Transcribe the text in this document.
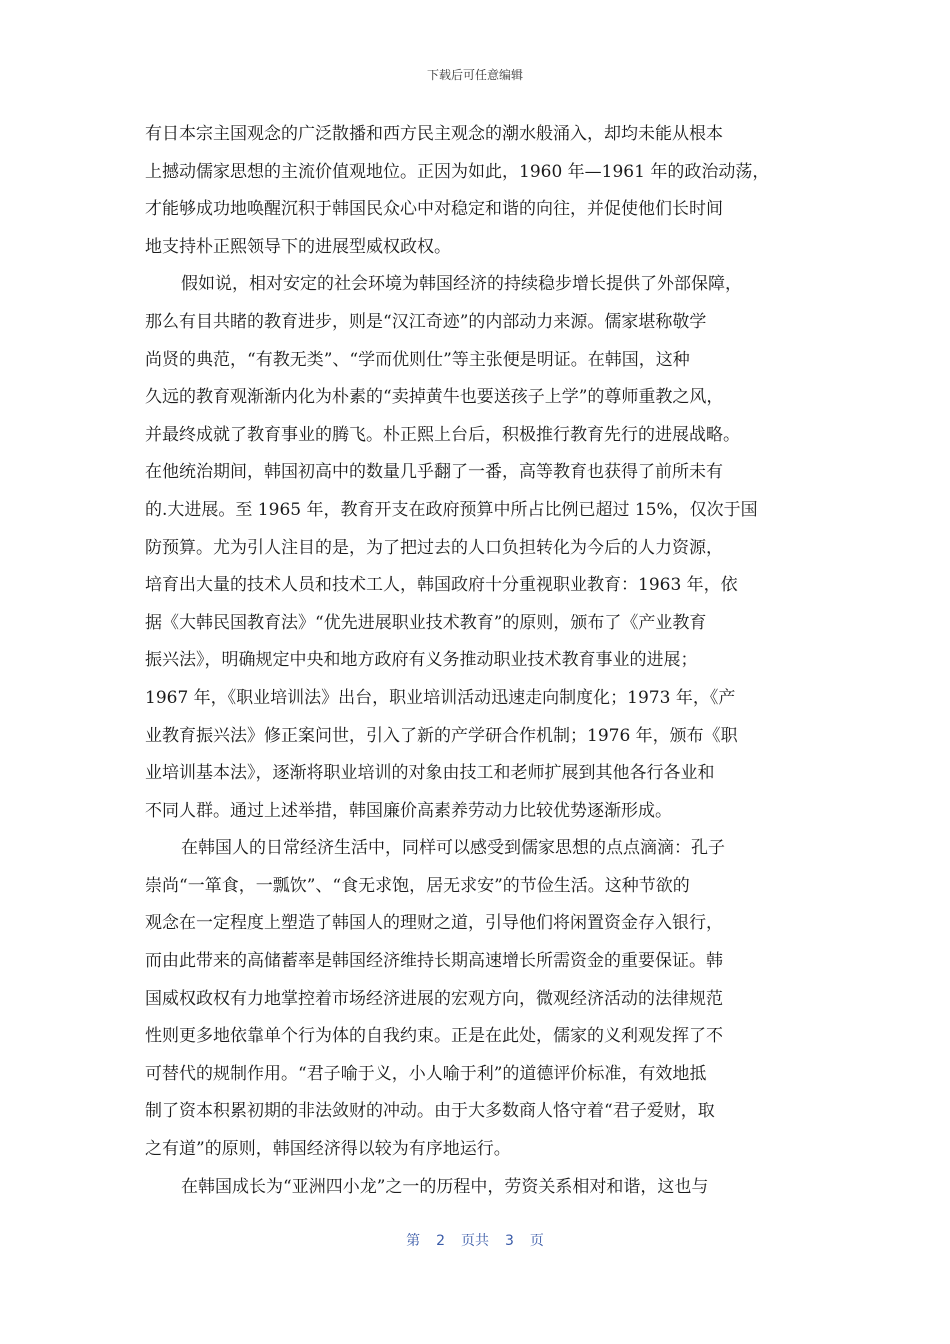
下载后可任意编辑
有日本宗主国观念的广泛散播和西方民主观念的潮水般涌入，却均未能从根本
上撼动儒家思想的主流价值观地位。正因为如此，1960 年—1961 年的政治动荡，
才能够成功地唤醒沉积于韩国民众心中对稳定和谐的向往，并促使他们长时间
地支持朴正熙领导下的进展型威权政权。
假如说，相对安定的社会环境为韩国经济的持续稳步增长提供了外部保障，
那么有目共睹的教育进步，则是“汉江奇迹”的内部动力来源。儒家堪称敬学
尚贤的典范，“有教无类”、“学而优则仕”等主张便是明证。在韩国，这种
久远的教育观渐渐内化为朴素的“卖掉黄牛也要送孩子上学”的尊师重教之风，
并最终成就了教育事业的腾飞。朴正熙上台后，积极推行教育先行的进展战略。
在他统治期间，韩国初高中的数量几乎翻了一番，高等教育也获得了前所未有
的.大进展。至 1965 年，教育开支在政府预算中所占比例已超过 15%，仅次于国
防预算。尤为引人注目的是，为了把过去的人口负担转化为今后的人力资源，
培育出大量的技术人员和技术工人，韩国政府十分重视职业教育：1963 年，依
据《大韩民国教育法》“优先进展职业技术教育”的原则，颁布了《产业教育
振兴法》，明确规定中央和地方政府有义务推动职业技术教育事业的进展；
1967 年，《职业培训法》出台，职业培训活动迅速走向制度化；1973 年，《产
业教育振兴法》修正案问世，引入了新的产学研合作机制；1976 年，颁布《职
业培训基本法》，逐渐将职业培训的对象由技工和老师扩展到其他各行各业和
不同人群。通过上述举措，韩国廉价高素养劳动力比较优势逐渐形成。
在韩国人的日常经济生活中，同样可以感受到儒家思想的点点滴滴：孔子
崇尚“一箪食，一瓢饮”、“食无求饱，居无求安”的节俭生活。这种节欲的
观念在一定程度上塑造了韩国人的理财之道，引导他们将闲置资金存入银行，
而由此带来的高储蓄率是韩国经济维持长期高速增长所需资金的重要保证。韩
国威权政权有力地掌控着市场经济进展的宏观方向，微观经济活动的法律规范
性则更多地依靠单个行为体的自我约束。正是在此处，儒家的义利观发挥了不
可替代的规制作用。“君子喻于义，小人喻于利”的道德评价标准，有效地抵
制了资本积累初期的非法敛财的冲动。由于大多数商人恪守着“君子爱财，取
之有道”的原则，韩国经济得以较为有序地运行。
在韩国成长为“亚洲四小龙”之一的历程中，劳资关系相对和谐，这也与
第 2 页共 3 页
